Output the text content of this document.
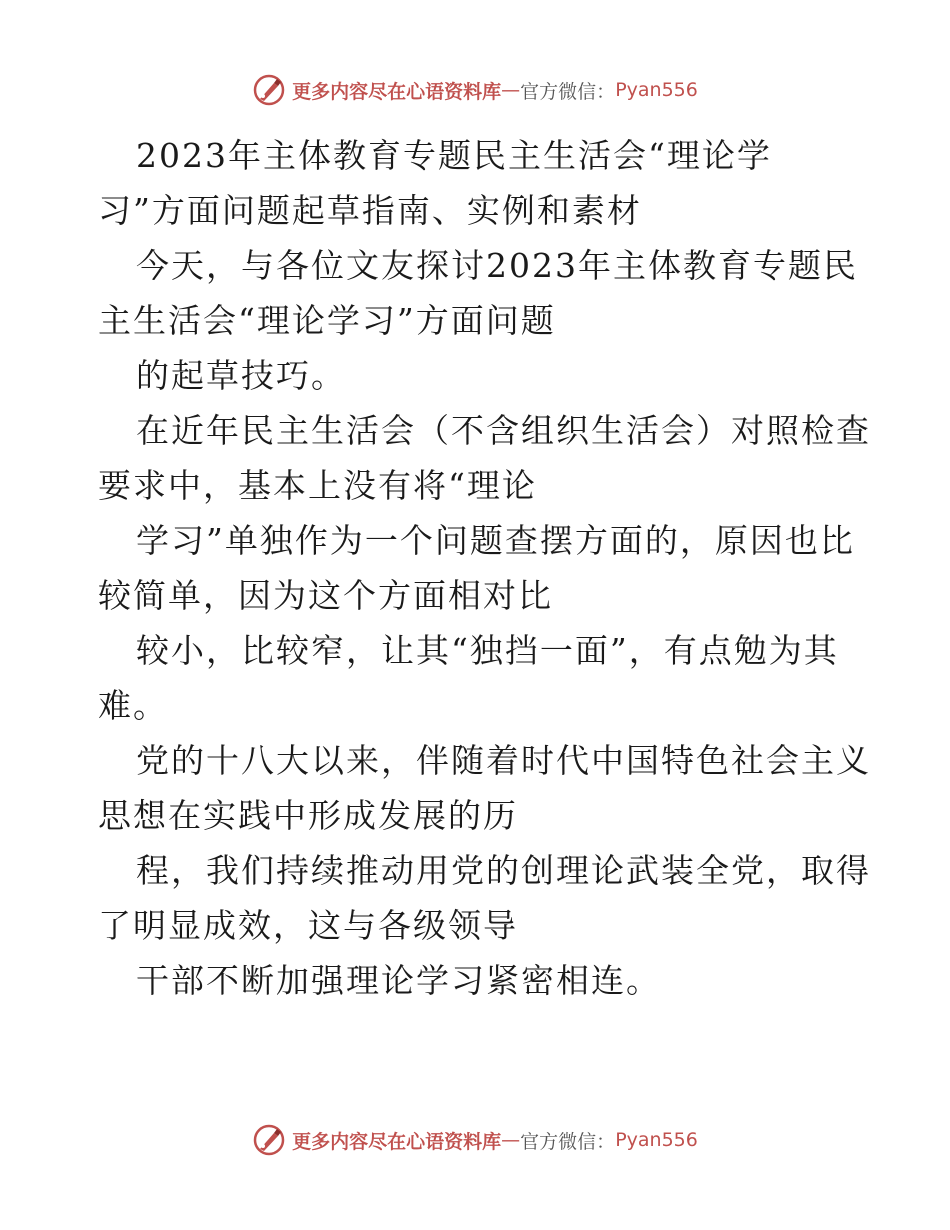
更多内容尽在心语资料库 — 官方微信： Pyan556
2023年主体教育专题民主生活会“理论学
习”方面问题起草指南、实例和素材
今天，与各位文友探讨2023年主体教育专题民
主生活会“理论学习”方面问题
的起草技巧。
在近年民主生活会（不含组织生活会）对照检查
要求中，基本上没有将“理论
学习”单独作为一个问题查摆方面的，原因也比
较简单，因为这个方面相对比
较小，比较窄，让其“独挡一面”，有点勉为其
难。
党的十八大以来，伴随着时代中国特色社会主义
思想在实践中形成发展的历
程，我们持续推动用党的创理论武装全党，取得
了明显成效，这与各级领导
干部不断加强理论学习紧密相连。
更多内容尽在心语资料库 — 官方微信： Pyan556
